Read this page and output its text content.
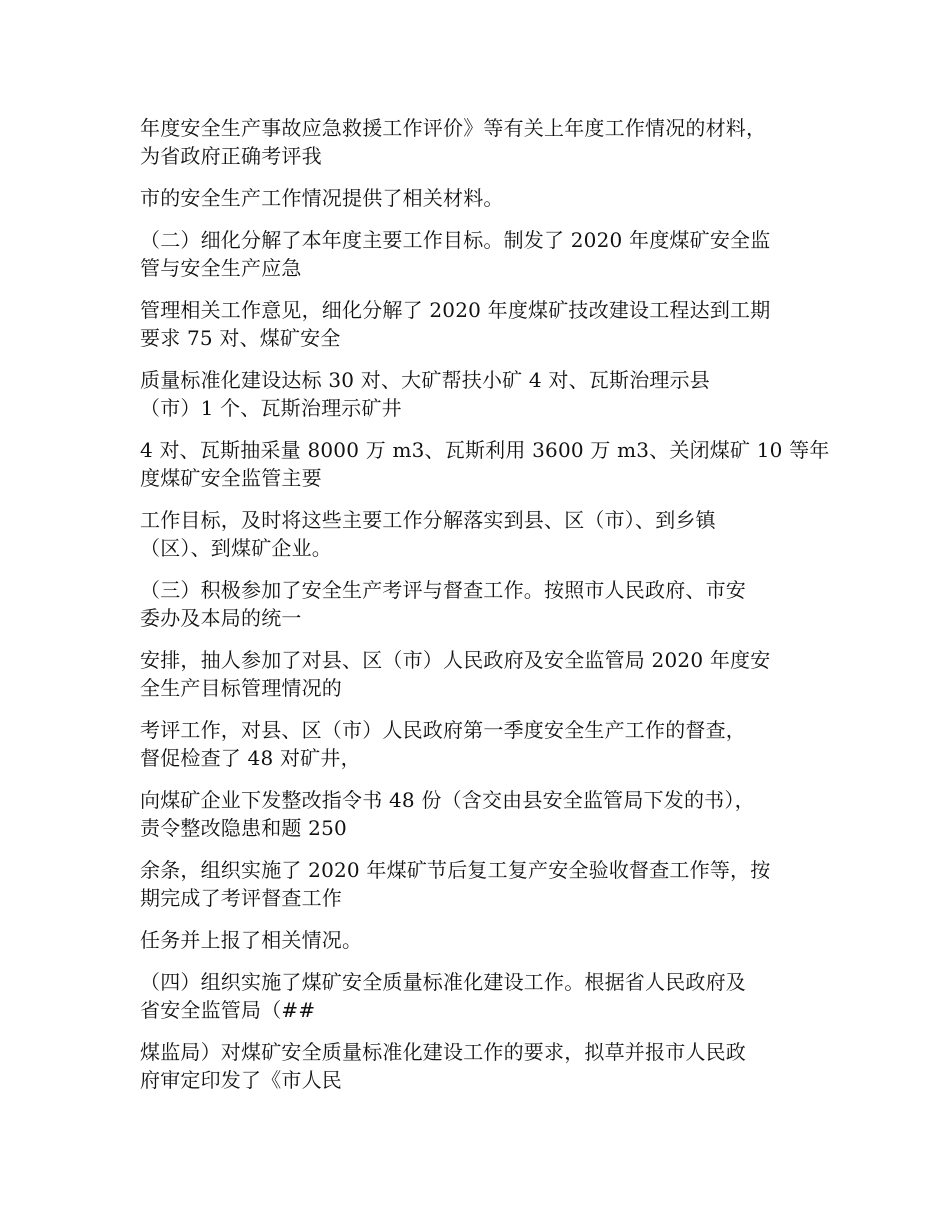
年度安全生产事故应急救援工作评价》等有关上年度工作情况的材料，
为省政府正确考评我
市的安全生产工作情况提供了相关材料。
（二）细化分解了本年度主要工作目标。制发了 2020 年度煤矿安全监
管与安全生产应急
管理相关工作意见，细化分解了 2020 年度煤矿技改建设工程达到工期
要求 75 对、煤矿安全
质量标准化建设达标 30 对、大矿帮扶小矿 4 对、瓦斯治理示县
（市）1 个、瓦斯治理示矿井
4 对、瓦斯抽采量 8000 万 m3、瓦斯利用 3600 万 m3、关闭煤矿 10 等年
度煤矿安全监管主要
工作目标，及时将这些主要工作分解落实到县、区（市）、到乡镇
（区）、到煤矿企业。
（三）积极参加了安全生产考评与督查工作。按照市人民政府、市安
委办及本局的统一
安排，抽人参加了对县、区（市）人民政府及安全监管局 2020 年度安
全生产目标管理情况的
考评工作，对县、区（市）人民政府第一季度安全生产工作的督查，
督促检查了 48 对矿井，
向煤矿企业下发整改指令书 48 份（含交由县安全监管局下发的书），
责令整改隐患和题 250
余条，组织实施了 2020 年煤矿节后复工复产安全验收督查工作等，按
期完成了考评督查工作
任务并上报了相关情况。
（四）组织实施了煤矿安全质量标准化建设工作。根据省人民政府及
省安全监管局（##
煤监局）对煤矿安全质量标准化建设工作的要求，拟草并报市人民政
府审定印发了《市人民
